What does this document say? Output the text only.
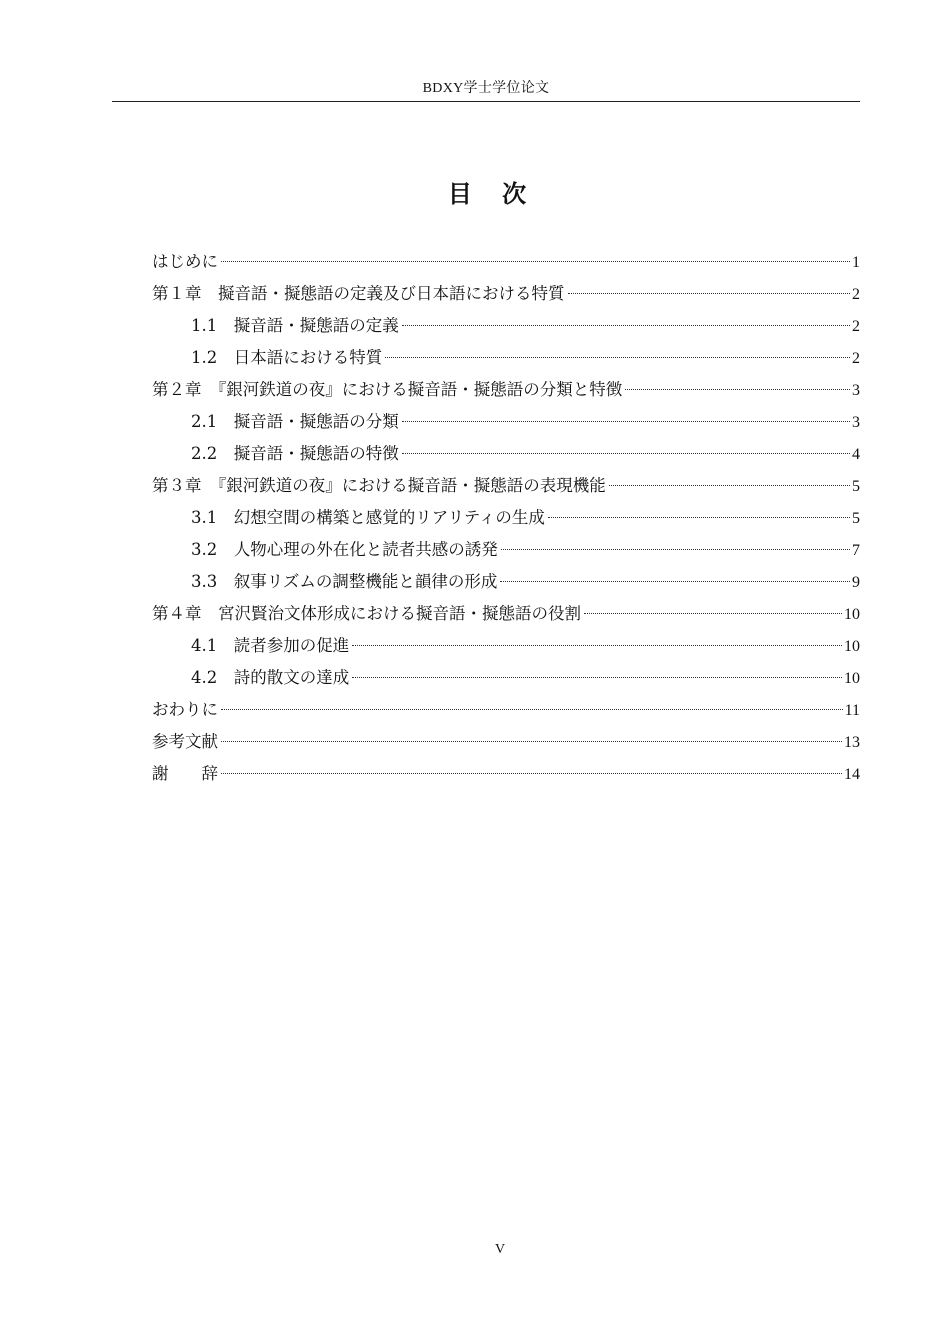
BDXY学士学位论文
目 次
はじめに	1
第１章　擬音語・擬態語の定義及び日本語における特質	2
1.1　擬音語・擬態語の定義	2
1.2　日本語における特質	2
第２章　『銀河鉄道の夜』における擬音語・擬態語の分類と特徴	3
2.1　擬音語・擬態語の分類	3
2.2　擬音語・擬態語の特徴	4
第３章　『銀河鉄道の夜』における擬音語・擬態語の表現機能	5
3.1　幻想空間の構築と感覚的リアリティの生成	5
3.2　人物心理の外在化と読者共感の誘発	7
3.3　叙事リズムの調整機能と韻律の形成	9
第４章　宮沢賢治文体形成における擬音語・擬態語の役割	10
4.1　読者参加の促進	10
4.2　詩的散文の達成	10
おわりに	11
参考文献	13
謝　　辞	14
V
